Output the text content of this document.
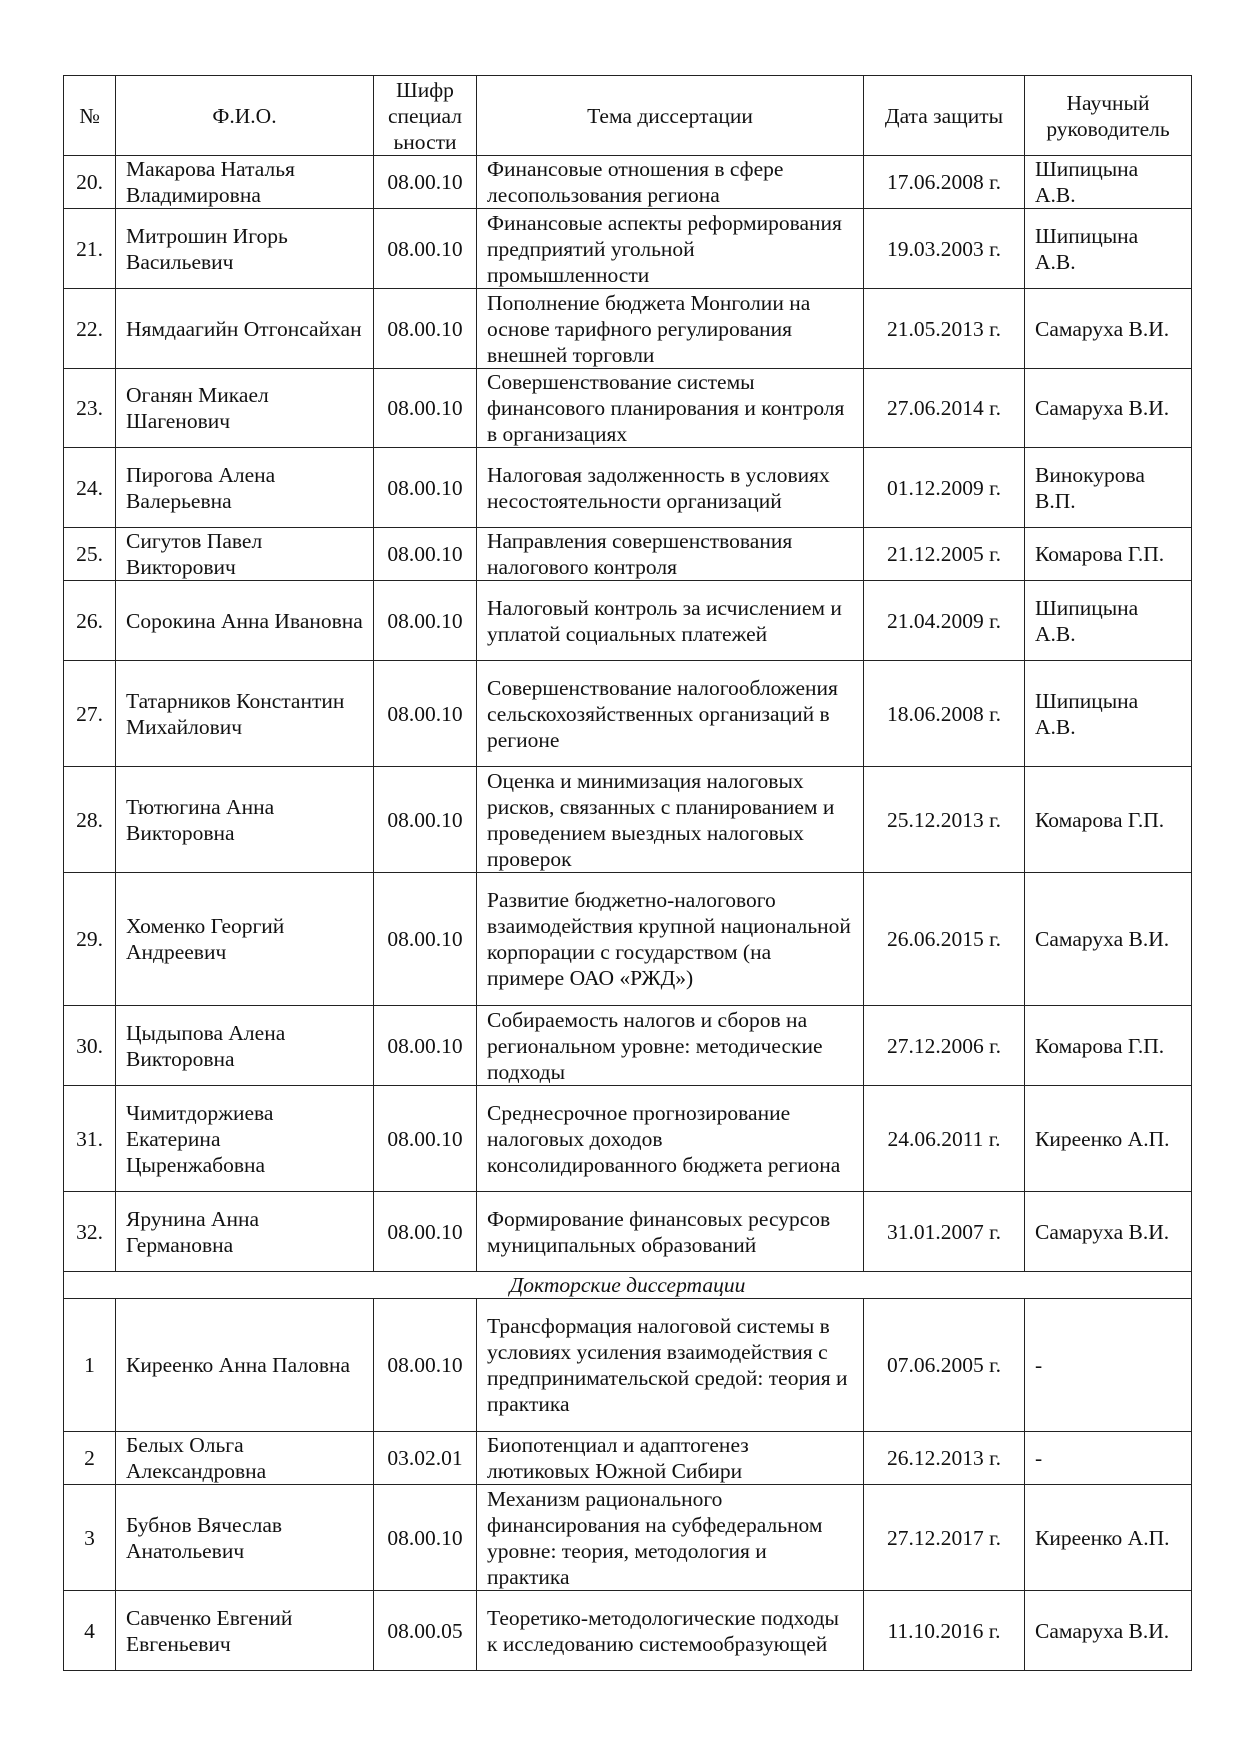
№	Ф.И.О.	Шифр специал ьности	Тема диссертации	Дата защиты	Научный руководитель
20.	Макарова Наталья Владимировна	08.00.10	Финансовые отношения в сфере лесопользования региона	17.06.2008 г.	Шипицына А.В.
21.	Митрошин Игорь Васильевич	08.00.10	Финансовые аспекты реформирования предприятий угольной промышленности	19.03.2003 г.	Шипицына А.В.
22.	Нямдаагийн Отгонсайхан	08.00.10	Пополнение бюджета Монголии на основе тарифного регулирования внешней торговли	21.05.2013 г.	Самаруха В.И.
23.	Оганян Микаел Шагенович	08.00.10	Совершенствование системы финансового планирования и контроля в организациях	27.06.2014 г.	Самаруха В.И.
24.	Пирогова Алена Валерьевна	08.00.10	Налоговая задолженность в условиях несостоятельности организаций	01.12.2009 г.	Винокурова В.П.
25.	Сигутов Павел Викторович	08.00.10	Направления совершенствования налогового контроля	21.12.2005 г.	Комарова Г.П.
26.	Сорокина Анна Ивановна	08.00.10	Налоговый контроль за исчислением и уплатой социальных платежей	21.04.2009 г.	Шипицына А.В.
27.	Татарников Константин Михайлович	08.00.10	Совершенствование налогообложения сельскохозяйственных организаций в регионе	18.06.2008 г.	Шипицына А.В.
28.	Тютюгина Анна Викторовна	08.00.10	Оценка и минимизация налоговых рисков, связанных с планированием и проведением выездных налоговых проверок	25.12.2013 г.	Комарова Г.П.
29.	Хоменко Георгий Андреевич	08.00.10	Развитие бюджетно-налогового взаимодействия крупной национальной корпорации с государством (на примере ОАО «РЖД»)	26.06.2015 г.	Самаруха В.И.
30.	Цыдыпова Алена Викторовна	08.00.10	Собираемость налогов и сборов на региональном уровне: методические подходы	27.12.2006 г.	Комарова Г.П.
31.	Чимитдоржиева Екатерина Цыренжабовна	08.00.10	Среднесрочное прогнозирование налоговых доходов консолидированного бюджета региона	24.06.2011 г.	Киреенко А.П.
32.	Ярунина Анна Германовна	08.00.10	Формирование финансовых ресурсов муниципальных образований	31.01.2007 г.	Самаруха В.И.
Докторские диссертации					
1	Киреенко Анна Паловна	08.00.10	Трансформация налоговой системы в условиях усиления взаимодействия с предпринимательской средой: теория и практика	07.06.2005 г.	-
2	Белых Ольга Александровна	03.02.01	Биопотенциал и адаптогенез лютиковых Южной Сибири	26.12.2013 г.	-
3	Бубнов Вячеслав Анатольевич	08.00.10	Механизм рационального финансирования на субфедеральном уровне: теория, методология и практика	27.12.2017 г.	Киреенко А.П.
4	Савченко Евгений Евгеньевич	08.00.05	Теоретико-методологические подходы к исследованию системообразующей	11.10.2016 г.	Самаруха В.И.
